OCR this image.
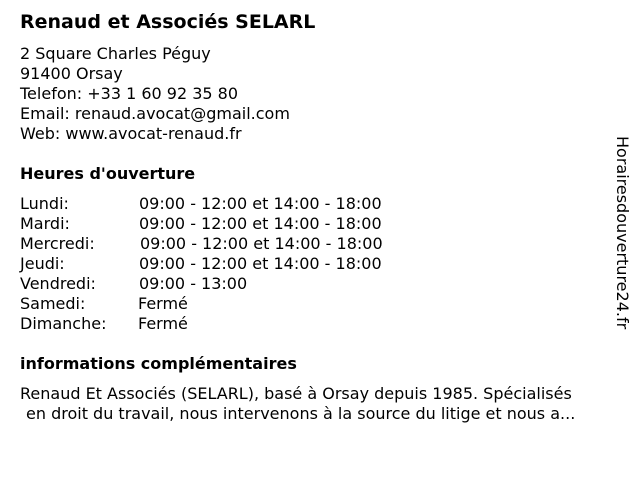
Renaud et Associés SELARL
2 Square Charles Péguy
91400 Orsay
Telefon: +33 1 60 92 35 80
Email: renaud.avocat@gmail.com
Web: www.avocat-renaud.fr
Heures d'ouverture
Lundi:	09:00 - 12:00 et 14:00 - 18:00
Mardi:	09:00 - 12:00 et 14:00 - 18:00
Mercredi:	09:00 - 12:00 et 14:00 - 18:00
Jeudi:	09:00 - 12:00 et 14:00 - 18:00
Vendredi:	09:00 - 13:00
Samedi:	Fermé
Dimanche: Fermé
informations complémentaires
Renaud Et Associés (SELARL), basé à Orsay depuis 1985. Spécialisés
en droit du travail, nous intervenons à la source du litige et nous a...
Horairesdouverture24.fr
